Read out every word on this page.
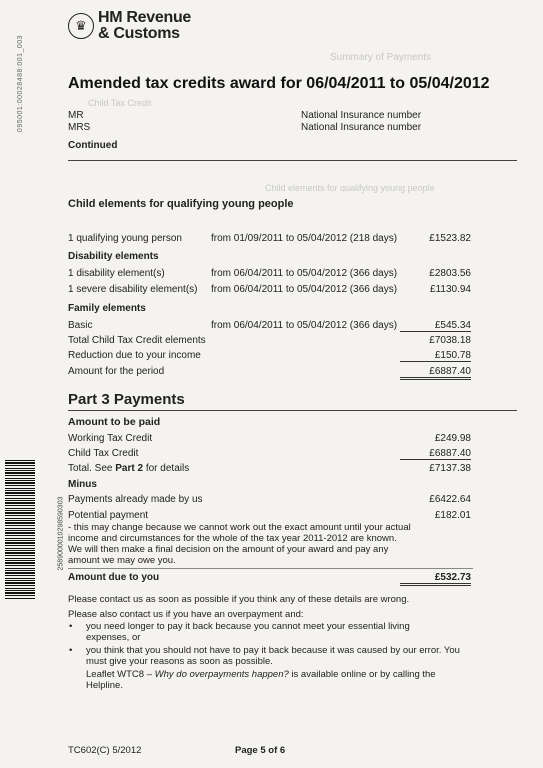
095001:00028488:001_003	Summary of Payments
Child Tax Credit
Child elements for qualifying young people
♛ HM Revenue
& Customs
Amended tax credits award for 06/04/2011 to 05/04/2012
MR
MRS
National Insurance number
National Insurance number
Continued
Child elements for qualifying young people
1 qualifying young person	from 01/09/2011 to 05/04/2012 (218 days)	£1523.82
Disability elements
1 disability element(s)	from 06/04/2011 to 05/04/2012 (366 days)	£2803.56
1 severe disability element(s) from 06/04/2011 to 05/04/2012 (366 days)	£1130.94
Family elements
Basic	from 06/04/2011 to 05/04/2012 (366 days)	£545.34
Total Child Tax Credit elements	£7038.18
Reduction due to your income	£150.78
Amount for the period	£6887.40
Part 3 Payments
Amount to be paid
Working Tax Credit	£249.98
Child Tax Credit	£6887.40
Total. See Part 2 for details	£7137.38
Minus
Payments already made by us	£6422.64
Potential payment	£182.01
- this may change because we cannot work out the exact amount until your actual income and circumstances for the whole of the tax year 2011-2012 are known. We will then make a final decision on the amount of your award and pay any amount we may owe you.
Amount due to you	£532.73
Please contact us as soon as possible if you think any of these details are wrong.
Please also contact us if you have an overpayment and:
• you need longer to pay it back because you cannot meet your essential living expenses, or
• you think that you should not have to pay it back because it was caused by our error. You must give your reasons as soon as possible.
Leaflet WTC8 – Why do overpayments happen? is available online or by calling the Helpline.
2589000010298590303
TC602(C) 5/2012	Page 5 of 6
